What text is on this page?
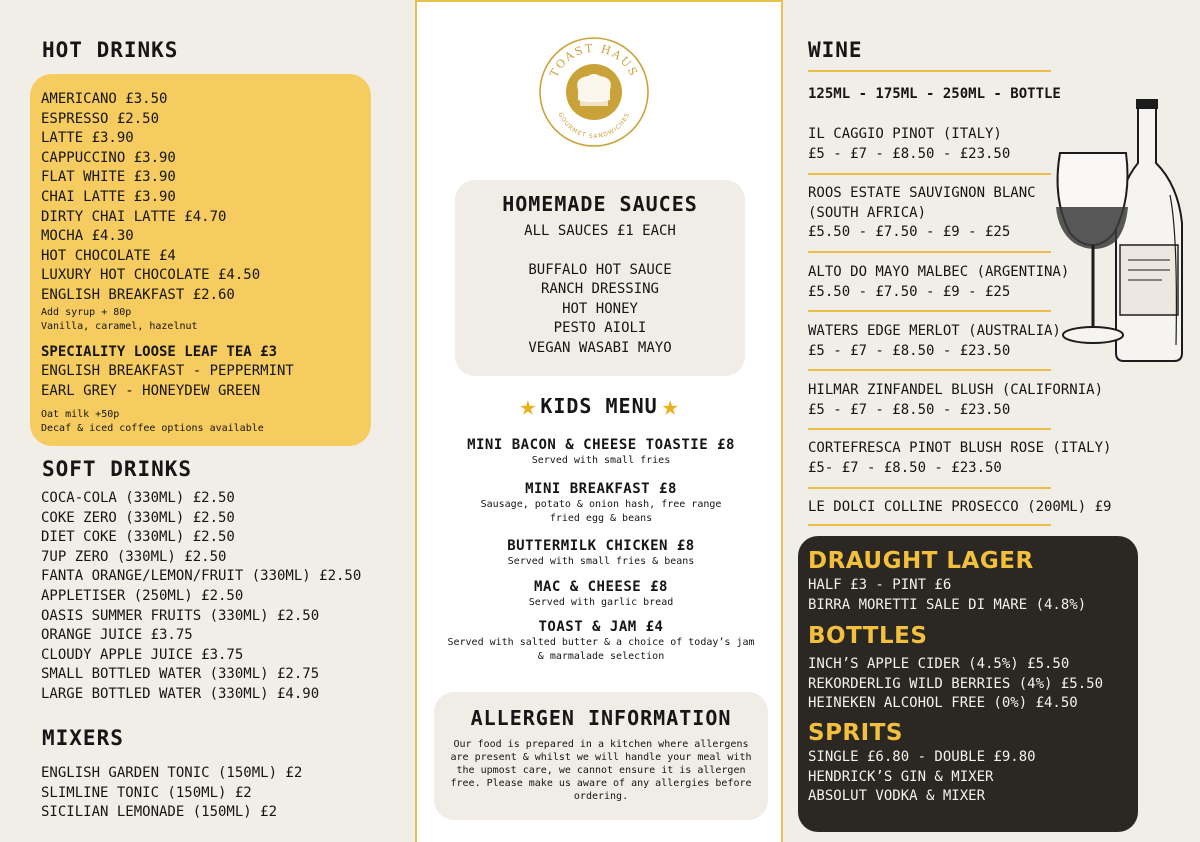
HOT DRINKS
AMERICANO £3.50
ESPRESSO £2.50
LATTE £3.90
CAPPUCCINO £3.90
FLAT WHITE £3.90
CHAI LATTE £3.90
DIRTY CHAI LATTE £4.70
MOCHA £4.30
HOT CHOCOLATE £4
LUXURY HOT CHOCOLATE £4.50
ENGLISH BREAKFAST £2.60
Add syrup + 80p
Vanilla, caramel, hazelnut
SPECIALITY LOOSE LEAF TEA £3
ENGLISH BREAKFAST - PEPPERMINT
EARL GREY - HONEYDEW GREEN
Oat milk +50p
Decaf & iced coffee options available
SOFT DRINKS
COCA-COLA (330ML) £2.50
COKE ZERO (330ML) £2.50
DIET COKE (330ML) £2.50
7UP ZERO (330ML) £2.50
FANTA ORANGE/LEMON/FRUIT (330ML) £2.50
APPLETISER (250ML) £2.50
OASIS SUMMER FRUITS (330ML) £2.50
ORANGE JUICE £3.75
CLOUDY APPLE JUICE £3.75
SMALL BOTTLED WATER (330ML) £2.75
LARGE BOTTLED WATER (330ML) £4.90
MIXERS
ENGLISH GARDEN TONIC (150ML) £2
SLIMLINE TONIC (150ML) £2
SICILIAN LEMONADE (150ML) £2
TOAST HAUS
GOURMET SANDWICHES
HOMEMADE SAUCES
ALL SAUCES £1 EACH
BUFFALO HOT SAUCE
RANCH DRESSING
HOT HONEY
PESTO AIOLI
VEGAN WASABI MAYO
★ KIDS MENU ★
MINI BACON & CHEESE TOASTIE £8
Served with small fries
MINI BREAKFAST £8
Sausage, potato & onion hash, free range
fried egg & beans
BUTTERMILK CHICKEN £8
Served with small fries & beans
MAC & CHEESE £8
Served with garlic bread
TOAST & JAM £4
Served with salted butter & a choice of today’s jam
& marmalade selection
ALLERGEN INFORMATION
Our food is prepared in a kitchen where allergens
are present & whilst we will handle your meal with
the upmost care, we cannot ensure it is allergen
free. Please make us aware of any allergies before
ordering.
WINE
125ML - 175ML - 250ML - BOTTLE
IL CAGGIO PINOT (ITALY)
£5 - £7 - £8.50 - £23.50
ROOS ESTATE SAUVIGNON BLANC
(SOUTH AFRICA)
£5.50 - £7.50 - £9 - £25
ALTO DO MAYO MALBEC (ARGENTINA)
£5.50 - £7.50 - £9 - £25
WATERS EDGE MERLOT (AUSTRALIA)
£5 - £7 - £8.50 - £23.50
HILMAR ZINFANDEL BLUSH (CALIFORNIA)
£5 - £7 - £8.50 - £23.50
CORTEFRESCA PINOT BLUSH ROSE (ITALY)
£5- £7 - £8.50 - £23.50
LE DOLCI COLLINE PROSECCO (200ML) £9
DRAUGHT LAGER
HALF £3 - PINT £6
BIRRA MORETTI SALE DI MARE (4.8%)
BOTTLES
INCH’S APPLE CIDER (4.5%) £5.50
REKORDERLIG WILD BERRIES (4%) £5.50
HEINEKEN ALCOHOL FREE (0%) £4.50
SPRITS
SINGLE £6.80 - DOUBLE £9.80
HENDRICK’S GIN & MIXER
ABSOLUT VODKA & MIXER
